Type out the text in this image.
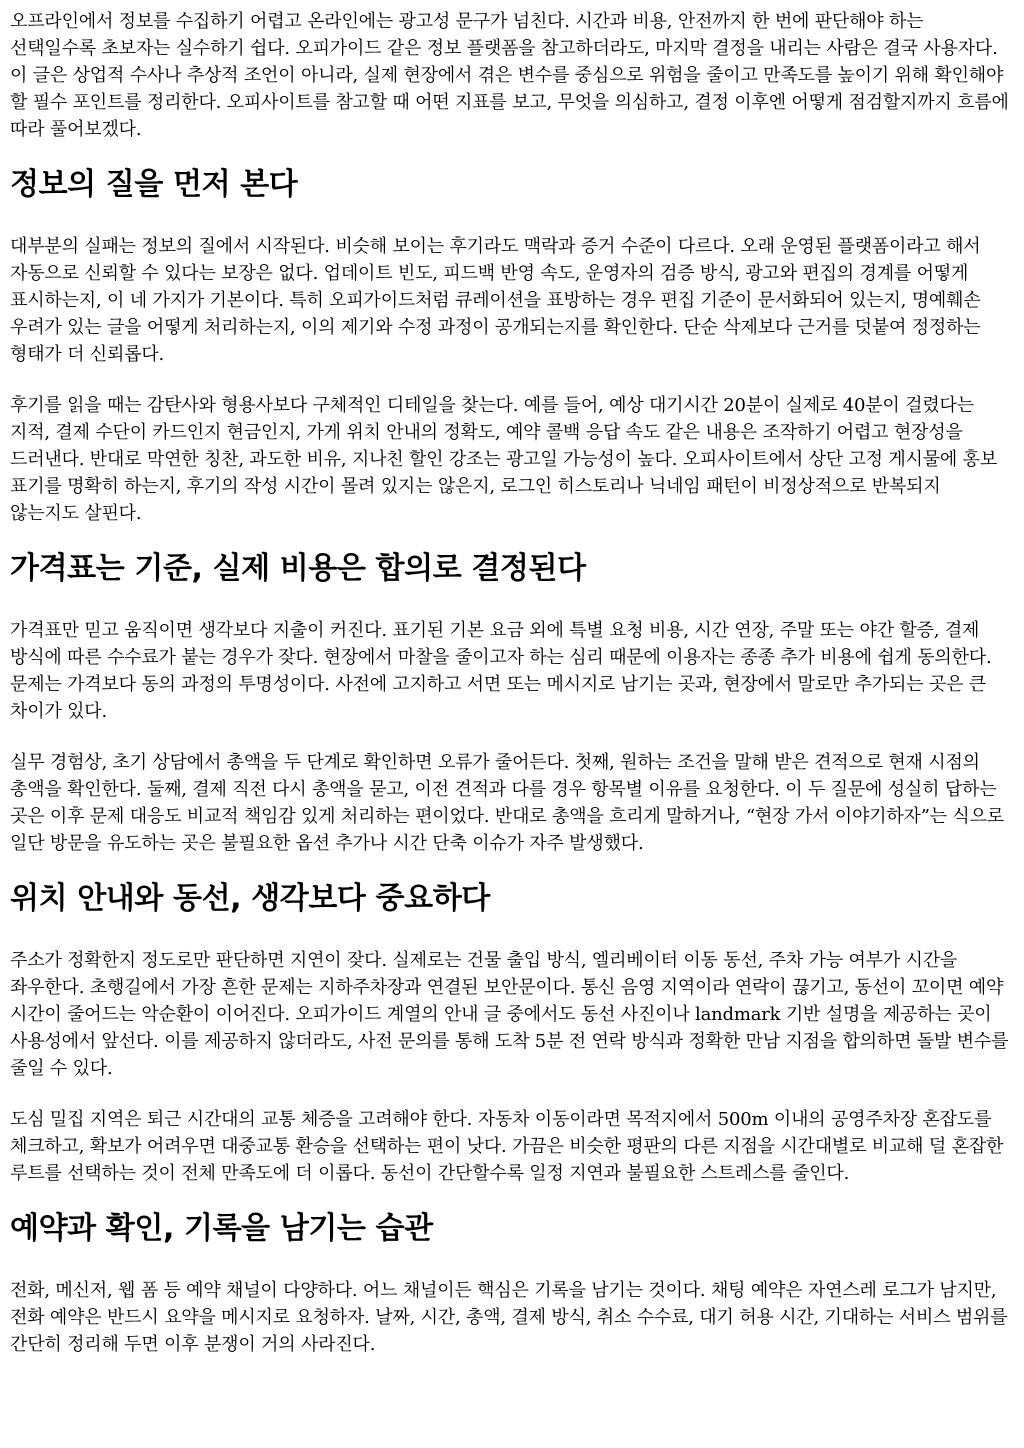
오프라인에서 정보를 수집하기 어렵고 온라인에는 광고성 문구가 넘친다. 시간과 비용, 안전까지 한 번에 판단해야 하는 선택일수록 초보자는 실수하기 쉽다. 오피가이드 같은 정보 플랫폼을 참고하더라도, 마지막 결정을 내리는 사람은 결국 사용자다. 이 글은 상업적 수사나 추상적 조언이 아니라, 실제 현장에서 겪은 변수를 중심으로 위험을 줄이고 만족도를 높이기 위해 확인해야 할 필수 포인트를 정리한다. 오피사이트를 참고할 때 어떤 지표를 보고, 무엇을 의심하고, 결정 이후엔 어떻게 점검할지까지 흐름에 따라 풀어보겠다.

정보의 질을 먼저 본다

대부분의 실패는 정보의 질에서 시작된다. 비슷해 보이는 후기라도 맥락과 증거 수준이 다르다. 오래 운영된 플랫폼이라고 해서 자동으로 신뢰할 수 있다는 보장은 없다. 업데이트 빈도, 피드백 반영 속도, 운영자의 검증 방식, 광고와 편집의 경계를 어떻게 표시하는지, 이 네 가지가 기본이다. 특히 오피가이드처럼 큐레이션을 표방하는 경우 편집 기준이 문서화되어 있는지, 명예훼손 우려가 있는 글을 어떻게 처리하는지, 이의 제기와 수정 과정이 공개되는지를 확인한다. 단순 삭제보다 근거를 덧붙여 정정하는 형태가 더 신뢰롭다.

후기를 읽을 때는 감탄사와 형용사보다 구체적인 디테일을 찾는다. 예를 들어, 예상 대기시간 20분이 실제로 40분이 걸렸다는 지적, 결제 수단이 카드인지 현금인지, 가게 위치 안내의 정확도, 예약 콜백 응답 속도 같은 내용은 조작하기 어렵고 현장성을 드러낸다. 반대로 막연한 칭찬, 과도한 비유, 지나친 할인 강조는 광고일 가능성이 높다. 오피사이트에서 상단 고정 게시물에 홍보 표기를 명확히 하는지, 후기의 작성 시간이 몰려 있지는 않은지, 로그인 히스토리나 닉네임 패턴이 비정상적으로 반복되지 않는지도 살핀다.

가격표는 기준, 실제 비용은 합의로 결정된다

가격표만 믿고 움직이면 생각보다 지출이 커진다. 표기된 기본 요금 외에 특별 요청 비용, 시간 연장, 주말 또는 야간 할증, 결제 방식에 따른 수수료가 붙는 경우가 잦다. 현장에서 마찰을 줄이고자 하는 심리 때문에 이용자는 종종 추가 비용에 쉽게 동의한다. 문제는 가격보다 동의 과정의 투명성이다. 사전에 고지하고 서면 또는 메시지로 남기는 곳과, 현장에서 말로만 추가되는 곳은 큰 차이가 있다.

실무 경험상, 초기 상담에서 총액을 두 단계로 확인하면 오류가 줄어든다. 첫째, 원하는 조건을 말해 받은 견적으로 현재 시점의 총액을 확인한다. 둘째, 결제 직전 다시 총액을 묻고, 이전 견적과 다를 경우 항목별 이유를 요청한다. 이 두 질문에 성실히 답하는 곳은 이후 문제 대응도 비교적 책임감 있게 처리하는 편이었다. 반대로 총액을 흐리게 말하거나, “현장 가서 이야기하자”는 식으로 일단 방문을 유도하는 곳은 불필요한 옵션 추가나 시간 단축 이슈가 자주 발생했다.

위치 안내와 동선, 생각보다 중요하다

주소가 정확한지 정도로만 판단하면 지연이 잦다. 실제로는 건물 출입 방식, 엘리베이터 이동 동선, 주차 가능 여부가 시간을 좌우한다. 초행길에서 가장 흔한 문제는 지하주차장과 연결된 보안문이다. 통신 음영 지역이라 연락이 끊기고, 동선이 꼬이면 예약 시간이 줄어드는 악순환이 이어진다. 오피가이드 계열의 안내 글 중에서도 동선 사진이나 landmark 기반 설명을 제공하는 곳이 사용성에서 앞선다. 이를 제공하지 않더라도, 사전 문의를 통해 도착 5분 전 연락 방식과 정확한 만남 지점을 합의하면 돌발 변수를 줄일 수 있다.

도심 밀집 지역은 퇴근 시간대의 교통 체증을 고려해야 한다. 자동차 이동이라면 목적지에서 500m 이내의 공영주차장 혼잡도를 체크하고, 확보가 어려우면 대중교통 환승을 선택하는 편이 낫다. 가끔은 비슷한 평판의 다른 지점을 시간대별로 비교해 덜 혼잡한 루트를 선택하는 것이 전체 만족도에 더 이롭다. 동선이 간단할수록 일정 지연과 불필요한 스트레스를 줄인다.

예약과 확인, 기록을 남기는 습관

전화, 메신저, 웹 폼 등 예약 채널이 다양하다. 어느 채널이든 핵심은 기록을 남기는 것이다. 채팅 예약은 자연스레 로그가 남지만, 전화 예약은 반드시 요약을 메시지로 요청하자. 날짜, 시간, 총액, 결제 방식, 취소 수수료, 대기 허용 시간, 기대하는 서비스 범위를 간단히 정리해 두면 이후 분쟁이 거의 사라진다.
